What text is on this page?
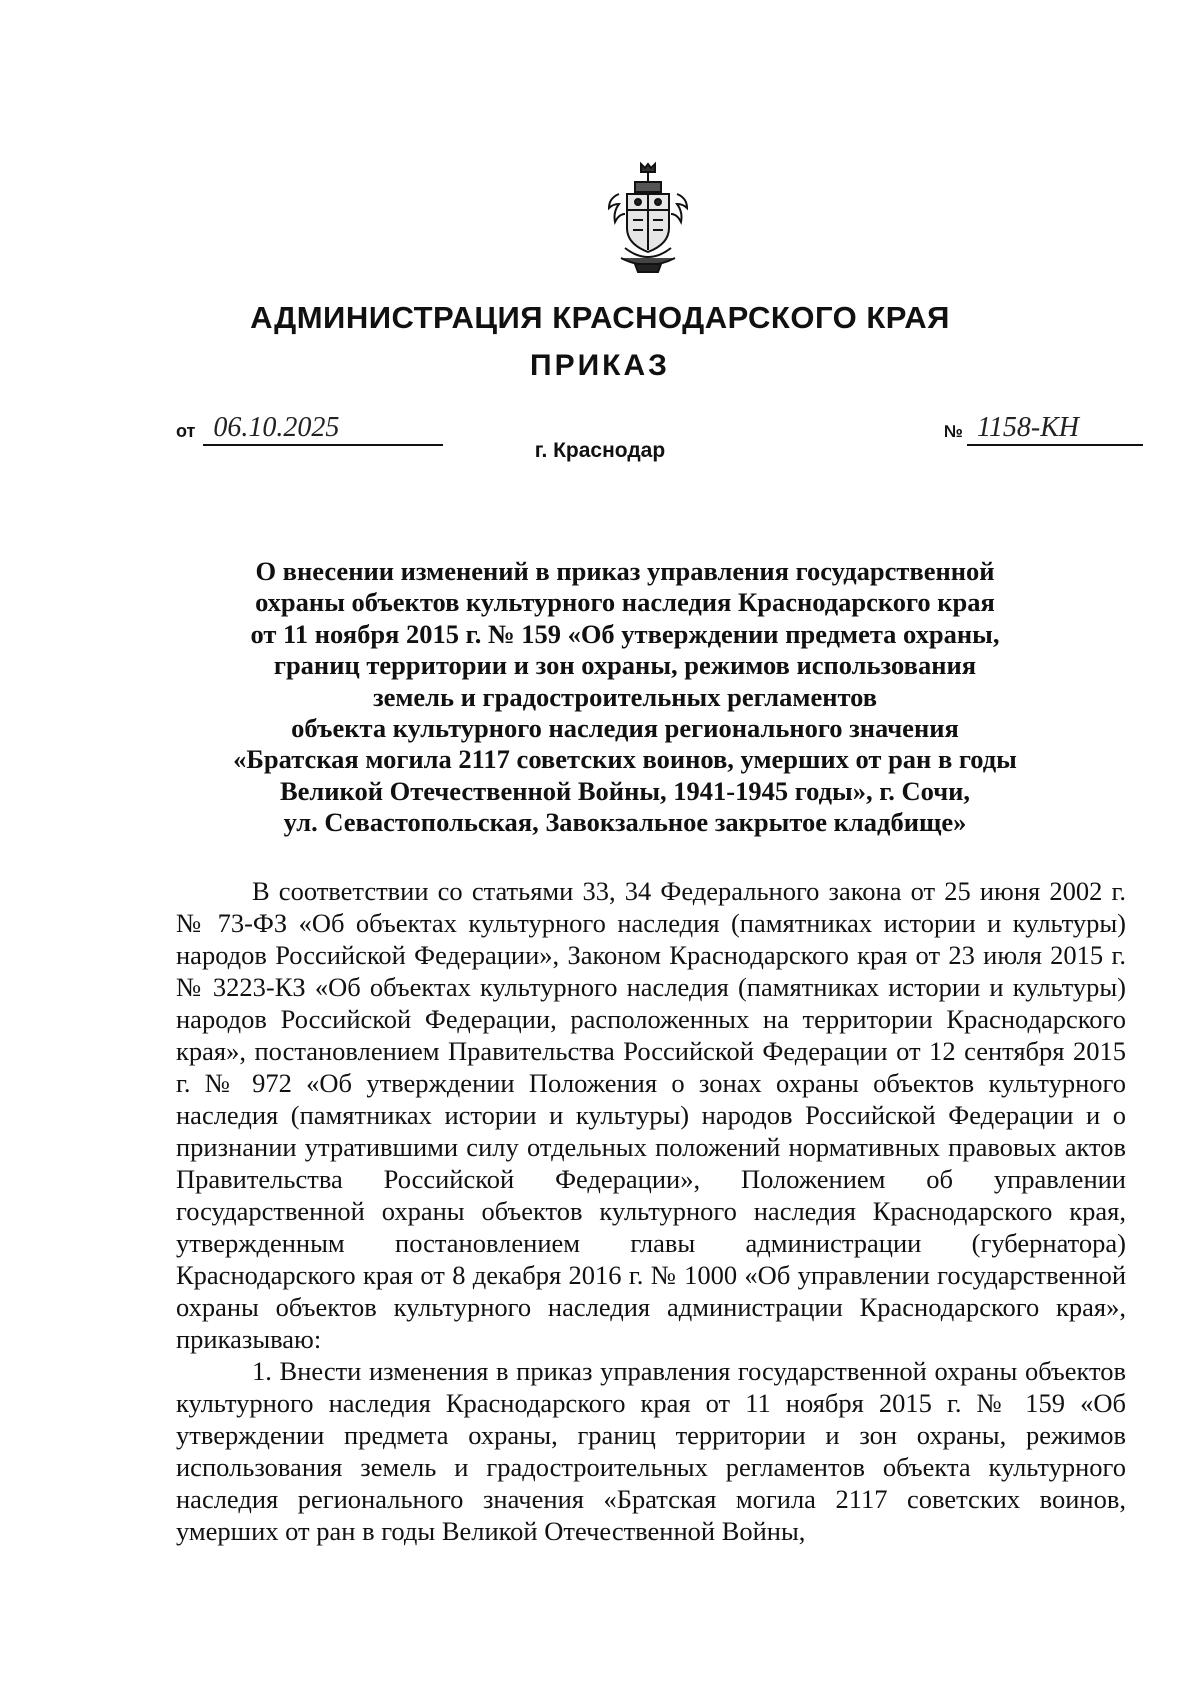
АДМИНИСТРАЦИЯ КРАСНОДАРСКОГО КРАЯ
ПРИКАЗ
от 06.10.2025	№ 1158-КН
г. Краснодар
О внесении изменений в приказ управления государственной
охраны объектов культурного наследия Краснодарского края
от 11 ноября 2015 г. № 159 «Об утверждении предмета охраны,
границ территории и зон охраны, режимов использования
земель и градостроительных регламентов
объекта культурного наследия регионального значения
«Братская могила 2117 советских воинов, умерших от ран в годы
Великой Отечественной Войны, 1941-1945 годы», г. Сочи,
ул. Севастопольская, Завокзальное закрытое кладбище»

В соответствии со статьями 33, 34 Федерального закона от 25 июня 2002 г. № 73-ФЗ «Об объектах культурного наследия (памятниках истории и культуры) народов Российской Федерации», Законом Краснодарского края от 23 июля 2015 г. № 3223-КЗ «Об объектах культурного наследия (памятниках истории и культуры) народов Российской Федерации, расположенных на территории Краснодарского края», постановлением Правительства Российской Федерации от 12 сентября 2015 г. № 972 «Об утверждении Положения о зонах охраны объектов культурного наследия (памятниках истории и культуры) народов Российской Федерации и о признании утратившими силу отдельных положений нормативных правовых актов Правительства Российской Федерации», Положением об управлении государственной охраны объектов культурного наследия Краснодарского края, утвержденным постановлением главы администрации (губернатора) Краснодарского края от 8 декабря 2016 г. № 1000 «Об управлении государственной охраны объектов культурного наследия администрации Краснодарского края», приказываю:

1. Внести изменения в приказ управления государственной охраны объектов культурного наследия Краснодарского края от 11 ноября 2015 г. № 159 «Об утверждении предмета охраны, границ территории и зон охраны, режимов использования земель и градостроительных регламентов объекта культурного наследия регионального значения «Братская могила 2117 советских воинов, умерших от ран в годы Великой Отечественной Войны,
